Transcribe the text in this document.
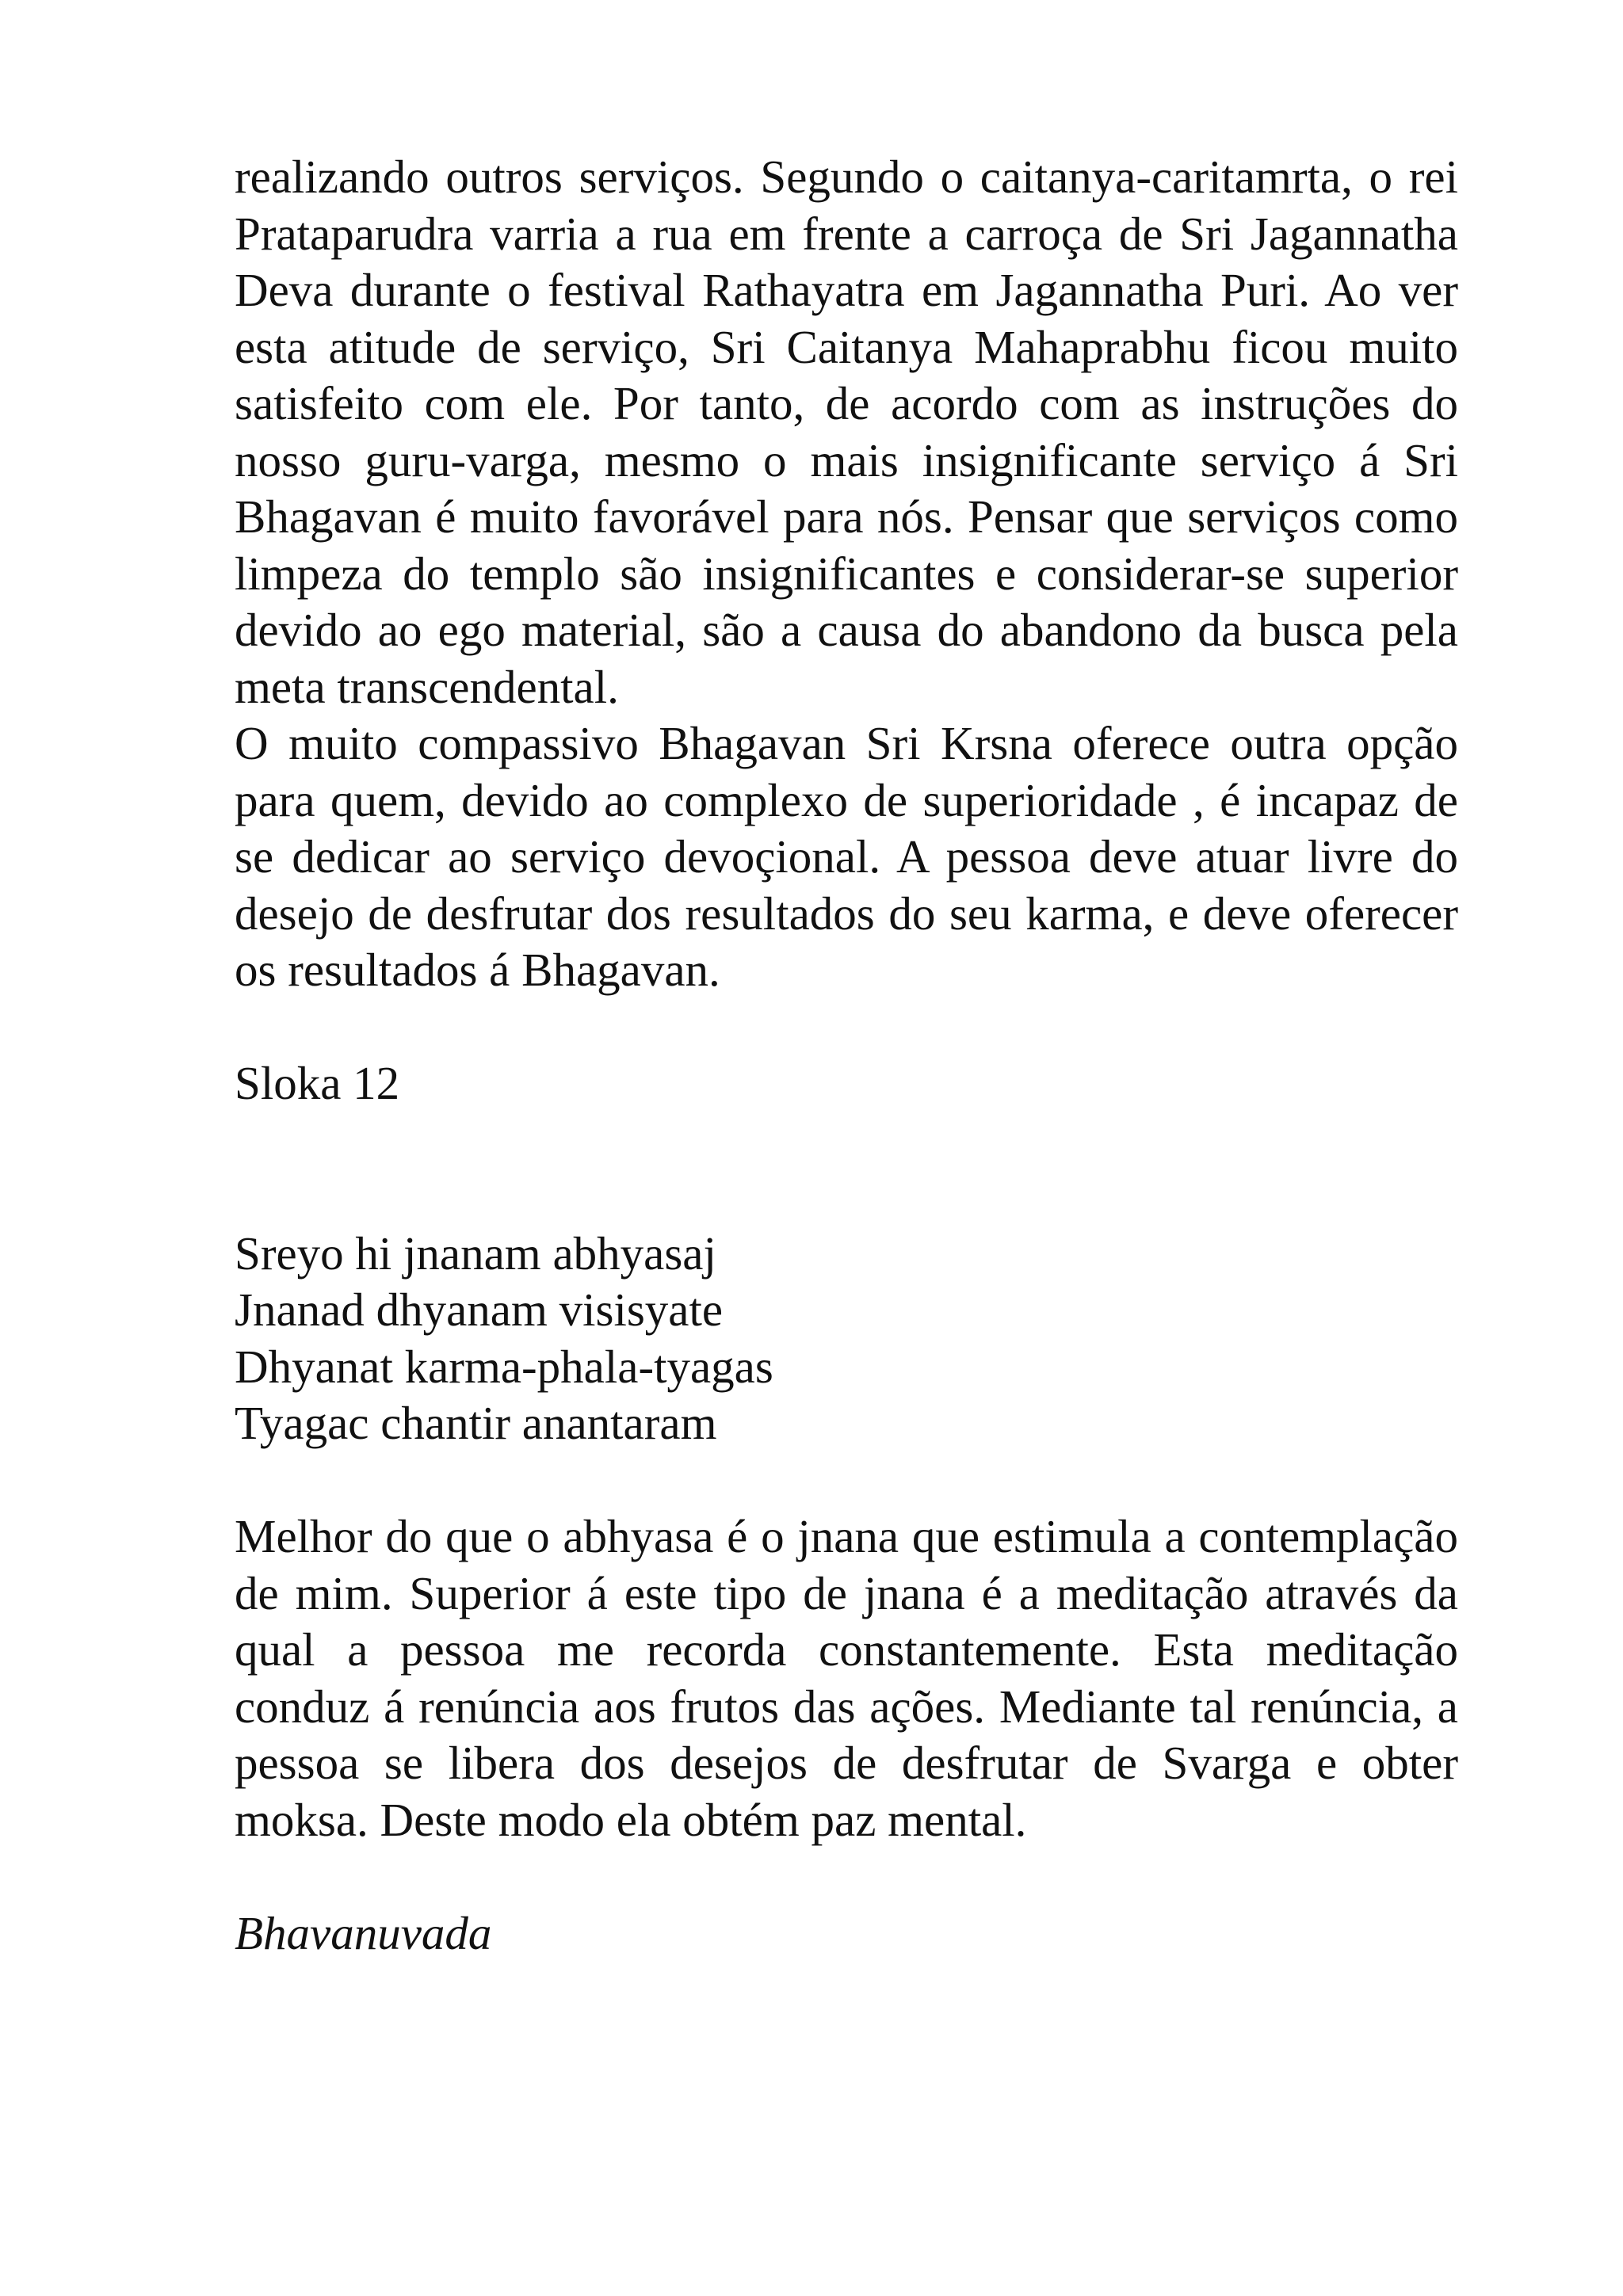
realizando outros serviços. Segundo o caitanya-caritamrta, o rei Prataparudra varria a rua em frente a carroça de Sri Jagannatha Deva durante o festival Rathayatra em Jagannatha Puri. Ao ver esta atitude de serviço, Sri Caitanya Mahaprabhu ficou muito satisfeito com ele. Por tanto, de acordo com as instruções do nosso guru-varga, mesmo o mais insignificante serviço á Sri Bhagavan é muito favorável para nós. Pensar que serviços como limpeza do templo são insignificantes e considerar-se superior devido ao ego material, são a causa do abandono da busca pela meta transcendental.

O muito compassivo Bhagavan Sri Krsna oferece outra opção para quem, devido ao complexo de superioridade , é incapaz de se dedicar ao serviço devoçional. A pessoa deve atuar livre do desejo de desfrutar dos resultados do seu karma, e deve oferecer os resultados á Bhagavan.

Sloka 12

Sreyo hi jnanam abhyasaj

Jnanad dhyanam visisyate

Dhyanat karma-phala-tyagas

Tyagac chantir anantaram

Melhor do que o abhyasa é o jnana que estimula a contemplação de mim. Superior á este tipo de jnana é a meditação através da qual a pessoa me recorda constantemente. Esta meditação conduz á renúncia aos frutos das ações. Mediante tal renúncia, a pessoa se libera dos desejos de desfrutar de Svarga e obter moksa. Deste modo ela obtém paz mental.

Bhavanuvada
